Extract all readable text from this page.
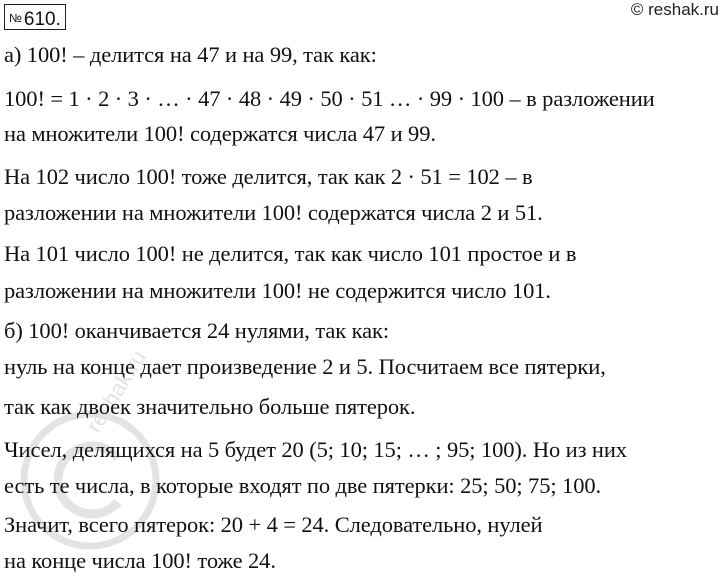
№ 610.	© reshak.ru
reshak.ru
а) 100! – делится на 47 и на 99, так как:
100! = 1 · 2 · 3 · … · 47 · 48 · 49 · 50 · 51 … · 99 · 100 – в разложении
на множители 100! содержатся числа 47 и 99.
На 102 число 100! тоже делится, так как 2 · 51 = 102 – в
разложении на множители 100! содержатся числа 2 и 51.
На 101 число 100! не делится, так как число 101 простое и в
разложении на множители 100! не содержится число 101.
б) 100! оканчивается 24 нулями, так как:
нуль на конце дает произведение 2 и 5. Посчитаем все пятерки,
так как двоек значительно больше пятерок.
Чисел, делящихся на 5 будет 20 (5; 10; 15; … ; 95; 100). Но из них
есть те числа, в которые входят по две пятерки: 25; 50; 75; 100.
Значит, всего пятерок: 20 + 4 = 24. Следовательно, нулей
на конце числа 100! тоже 24.
